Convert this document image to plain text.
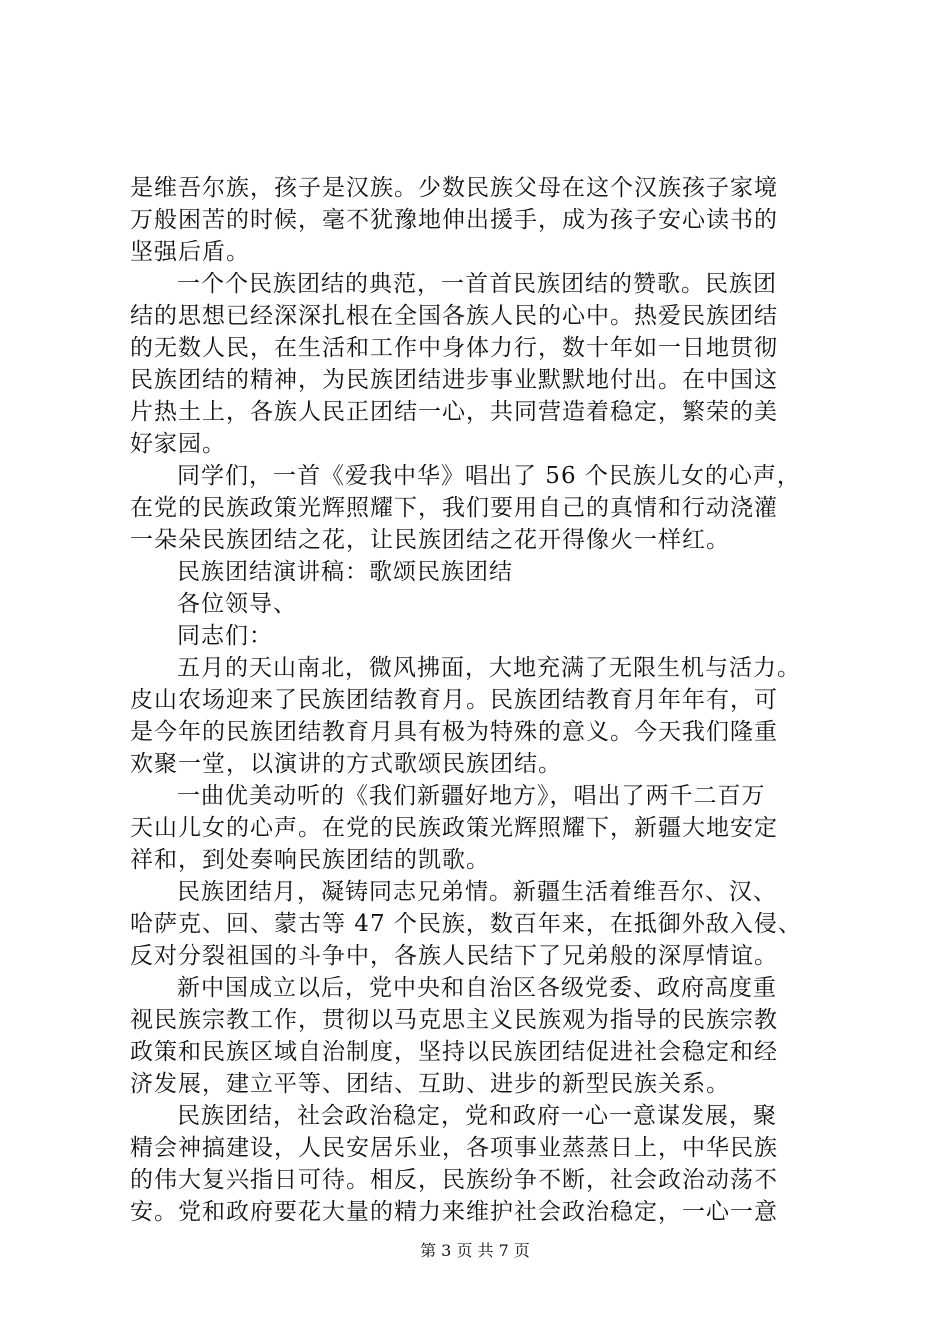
是维吾尔族，孩子是汉族。少数民族父母在这个汉族孩子家境
万般困苦的时候，毫不犹豫地伸出援手，成为孩子安心读书的
坚强后盾。
一个个民族团结的典范，一首首民族团结的赞歌。民族团
结的思想已经深深扎根在全国各族人民的心中。热爱民族团结
的无数人民，在生活和工作中身体力行，数十年如一日地贯彻
民族团结的精神，为民族团结进步事业默默地付出。在中国这
片热土上，各族人民正团结一心，共同营造着稳定，繁荣的美
好家园。
同学们，一首《爱我中华》唱出了 56 个民族儿女的心声，
在党的民族政策光辉照耀下，我们要用自己的真情和行动浇灌
一朵朵民族团结之花，让民族团结之花开得像火一样红。
民族团结演讲稿：歌颂民族团结
各位领导、
同志们：
五月的天山南北，微风拂面，大地充满了无限生机与活力。
皮山农场迎来了民族团结教育月。民族团结教育月年年有，可
是今年的民族团结教育月具有极为特殊的意义。今天我们隆重
欢聚一堂，以演讲的方式歌颂民族团结。
一曲优美动听的《我们新疆好地方》，唱出了两千二百万
天山儿女的心声。在党的民族政策光辉照耀下，新疆大地安定
祥和，到处奏响民族团结的凯歌。
民族团结月，凝铸同志兄弟情。新疆生活着维吾尔、汉、
哈萨克、回、蒙古等 47 个民族，数百年来，在抵御外敌入侵、
反对分裂祖国的斗争中，各族人民结下了兄弟般的深厚情谊。
新中国成立以后，党中央和自治区各级党委、政府高度重
视民族宗教工作，贯彻以马克思主义民族观为指导的民族宗教
政策和民族区域自治制度，坚持以民族团结促进社会稳定和经
济发展，建立平等、团结、互助、进步的新型民族关系。
民族团结，社会政治稳定，党和政府一心一意谋发展，聚
精会神搞建设，人民安居乐业，各项事业蒸蒸日上，中华民族
的伟大复兴指日可待。相反，民族纷争不断，社会政治动荡不
安。党和政府要花大量的精力来维护社会政治稳定，一心一意
第 3 页 共 7 页
